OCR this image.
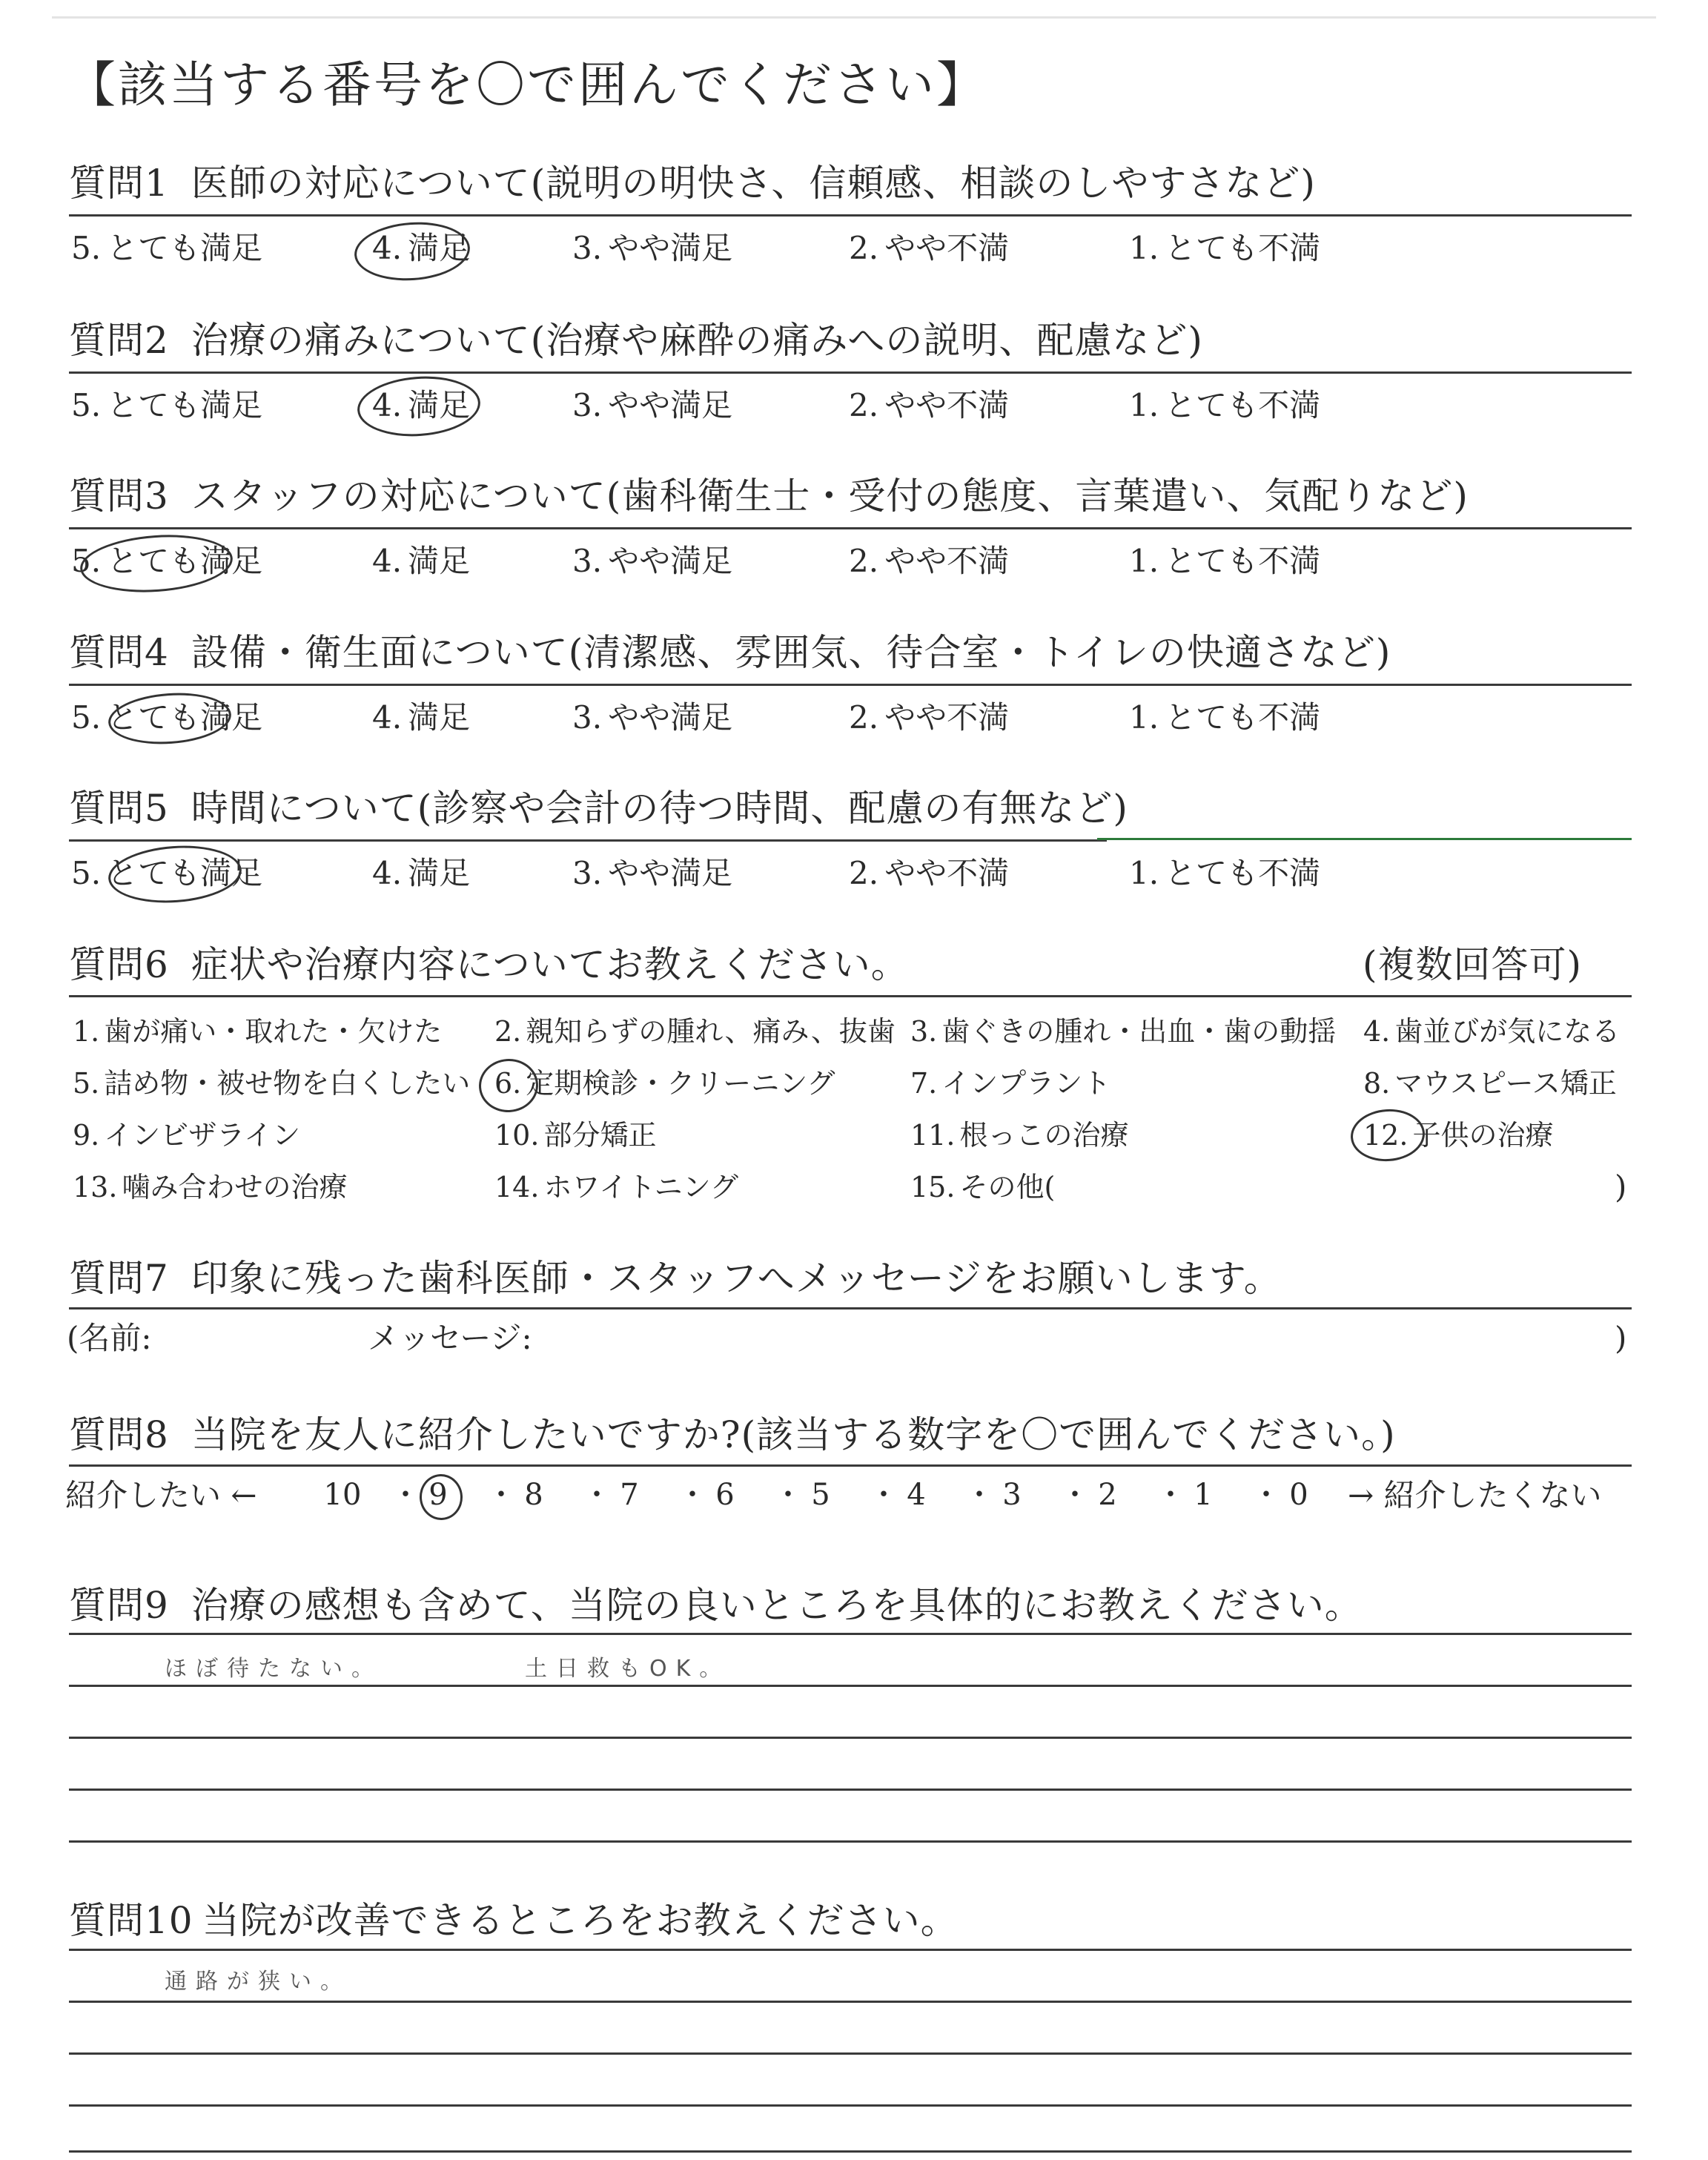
【該当する番号を〇で囲んでください】
質問1 医師の対応について(説明の明快さ、信頼感、相談のしやすさなど)
5. とても満足	4. 満足	3. やや満足	2. やや不満	1. とても不満
質問2 治療の痛みについて(治療や麻酔の痛みへの説明、配慮など)
5. とても満足	4. 満足	3. やや満足	2. やや不満	1. とても不満
質問3 スタッフの対応について(歯科衛生士・受付の態度、言葉遣い、気配りなど)
5. とても満足	4. 満足	3. やや満足	2. やや不満	1. とても不満
質問4 設備・衛生面について(清潔感、雰囲気、待合室・トイレの快適さなど)
5. とても満足	4. 満足	3. やや満足	2. やや不満	1. とても不満
質問5 時間について(診察や会計の待つ時間、配慮の有無など)
5. とても満足	4. 満足	3. やや満足	2. やや不満	1. とても不満
質問6 症状や治療内容についてお教えください。	(複数回答可)
1. 歯が痛い・取れた・欠けた 2. 親知らずの腫れ、痛み、抜歯 3. 歯ぐきの腫れ・出血・歯の動揺 4. 歯並びが気になる
5. 詰め物・被せ物を白くしたい 6. 定期検診・クリーニング	7. インプラント	8. マウスピース矯正
9. インビザライン	10. 部分矯正	11. 根っこの治療	12. 子供の治療
13. 噛み合わせの治療	14. ホワイトニング	15. その他(	)
質問7 印象に残った歯科医師・スタッフへメッセージをお願いします。
(名前:	メッセージ:	)
質問8 当院を友人に紹介したいですか?(該当する数字を〇で囲んでください。)
紹介したい ←	→ 紹介したくない
10	9	8	7	6	5	4	3	2	1	0
・ ・ ・ ・ ・ ・ ・ ・ ・ ・
質問9 治療の感想も含めて、当院の良いところを具体的にお教えください。
ほぼ待たない。	土日救もOK。
質問10 当院が改善できるところをお教えください。
通路が狭い。
